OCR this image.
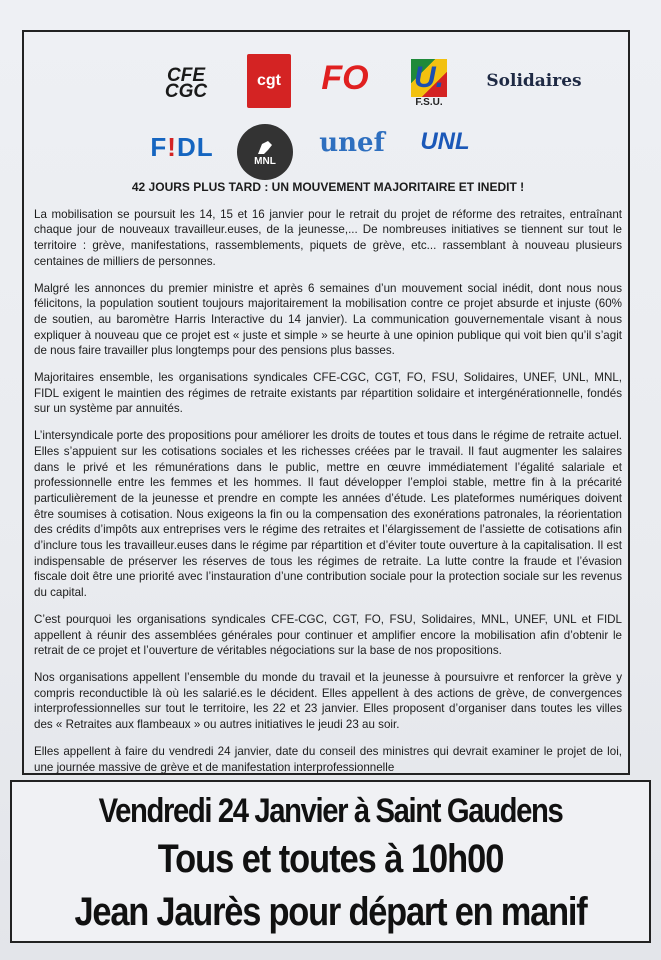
CFE
CGC
cgt FO U.
F.S.U.
Solidaires
F ! DL	MNL
unef	UNL
42 JOURS PLUS TARD : UN MOUVEMENT MAJORITAIRE ET INEDIT !

La mobilisation se poursuit les 14, 15 et 16 janvier pour le retrait du projet de réforme des retraites, entraînant chaque jour de nouveaux travailleur.euses, de la jeunesse,... De nombreuses initiatives se tiennent sur tout le territoire : grève, manifestations, rassemblements, piquets de grève, etc... rassemblant à nouveau plusieurs centaines de milliers de personnes.

Malgré les annonces du premier ministre et après 6 semaines d’un mouvement social inédit, dont nous nous félicitons, la population soutient toujours majoritairement la mobilisation contre ce projet absurde et injuste (60% de soutien, au baromètre Harris Interactive du 14 janvier). La communication gouvernementale visant à nous expliquer à nouveau que ce projet est « juste et simple » se heurte à une opinion publique qui voit bien qu’il s’agit de nous faire travailler plus longtemps pour des pensions plus basses.

Majoritaires ensemble, les organisations syndicales CFE-CGC, CGT, FO, FSU, Solidaires, UNEF, UNL, MNL, FIDL exigent le maintien des régimes de retraite existants par répartition solidaire et intergénérationnelle, fondés sur un système par annuités.

L’intersyndicale porte des propositions pour améliorer les droits de toutes et tous dans le régime de retraite actuel. Elles s’appuient sur les cotisations sociales et les richesses créées par le travail. Il faut augmenter les salaires dans le privé et les rémunérations dans le public, mettre en œuvre immédiatement l’égalité salariale et professionnelle entre les femmes et les hommes. Il faut développer l’emploi stable, mettre fin à la précarité particulièrement de la jeunesse et prendre en compte les années d’étude. Les plateformes numériques doivent être soumises à cotisation. Nous exigeons la fin ou la compensation des exonérations patronales, la réorientation des crédits d’impôts aux entreprises vers le régime des retraites et l’élargissement de l’assiette de cotisations afin d’inclure tous les travailleur.euses dans le régime par répartition et d’éviter toute ouverture à la capitalisation. Il est indispensable de préserver les réserves de tous les régimes de retraite. La lutte contre la fraude et l’évasion fiscale doit être une priorité avec l’instauration d’une contribution sociale pour la protection sociale sur les revenus du capital.

C’est pourquoi les organisations syndicales CFE-CGC, CGT, FO, FSU, Solidaires, MNL, UNEF, UNL et FIDL appellent à réunir des assemblées générales pour continuer et amplifier encore la mobilisation afin d’obtenir le retrait de ce projet et l’ouverture de véritables négociations sur la base de nos propositions.

Nos organisations appellent l’ensemble du monde du travail et la jeunesse à poursuivre et renforcer la grève y compris reconductible là où les salarié.es le décident. Elles appellent à des actions de grève, de convergences interprofessionnelles sur tout le territoire, les 22 et 23 janvier. Elles proposent d’organiser dans toutes les villes des « Retraites aux flambeaux » ou autres initiatives le jeudi 23 au soir.

Elles appellent à faire du vendredi 24 janvier, date du conseil des ministres qui devrait examiner le projet de loi, une journée massive de grève et de manifestation interprofessionnelle

Vendredi 24 Janvier à Saint Gaudens
Tous et toutes à 10h00
Jean Jaurès pour départ en manif
